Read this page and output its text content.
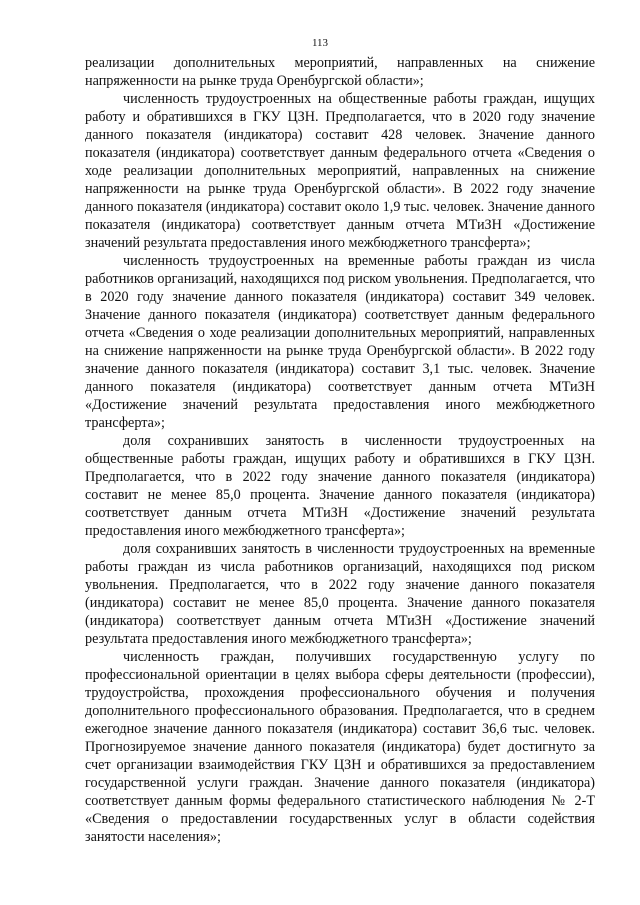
113

реализации дополнительных мероприятий, направленных на снижение напряженности на рынке труда Оренбургской области»;

численность трудоустроенных на общественные работы граждан, ищущих работу и обратившихся в ГКУ ЦЗН. Предполагается, что в 2020 году значение данного показателя (индикатора) составит 428 человек. Значение данного показателя (индикатора) соответствует данным федерального отчета «Сведения о ходе реализации дополнительных мероприятий, направленных на снижение напряженности на рынке труда Оренбургской области». В 2022 году значение данного показателя (индикатора) составит около 1,9 тыс. человек. Значение данного показателя (индикатора) соответствует данным отчета МТиЗН «Достижение значений результата предоставления иного межбюджетного трансферта»;

численность трудоустроенных на временные работы граждан из числа работников организаций, находящихся под риском увольнения. Предполагается, что в 2020 году значение данного показателя (индикатора) составит 349 человек. Значение данного показателя (индикатора) соответствует данным федерального отчета «Сведения о ходе реализации дополнительных мероприятий, направленных на снижение напряженности на рынке труда Оренбургской области». В 2022 году значение данного показателя (индикатора) составит 3,1 тыс. человек. Значение данного показателя (индикатора) соответствует данным отчета МТиЗН «Достижение значений результата предоставления иного межбюджетного трансферта»;

доля сохранивших занятость в численности трудоустроенных на общественные работы граждан, ищущих работу и обратившихся в ГКУ ЦЗН. Предполагается, что в 2022 году значение данного показателя (индикатора) составит не менее 85,0 процента. Значение данного показателя (индикатора) соответствует данным отчета МТиЗН «Достижение значений результата предоставления иного межбюджетного трансферта»;

доля сохранивших занятость в численности трудоустроенных на временные работы граждан из числа работников организаций, находящихся под риском увольнения. Предполагается, что в 2022 году значение данного показателя (индикатора) составит не менее 85,0 процента. Значение данного показателя (индикатора) соответствует данным отчета МТиЗН «Достижение значений результата предоставления иного межбюджетного трансферта»;

численность граждан, получивших государственную услугу по профессиональной ориентации в целях выбора сферы деятельности (профессии), трудоустройства, прохождения профессионального обучения и получения дополнительного профессионального образования. Предполагается, что в среднем ежегодное значение данного показателя (индикатора) составит 36,6 тыс. человек. Прогнозируемое значение данного показателя (индикатора) будет достигнуто за счет организации взаимодействия ГКУ ЦЗН и обратившихся за предоставлением государственной услуги граждан. Значение данного показателя (индикатора) соответствует данным формы федерального статистического наблюдения № 2-Т «Сведения о предоставлении государственных услуг в области содействия занятости населения»;
